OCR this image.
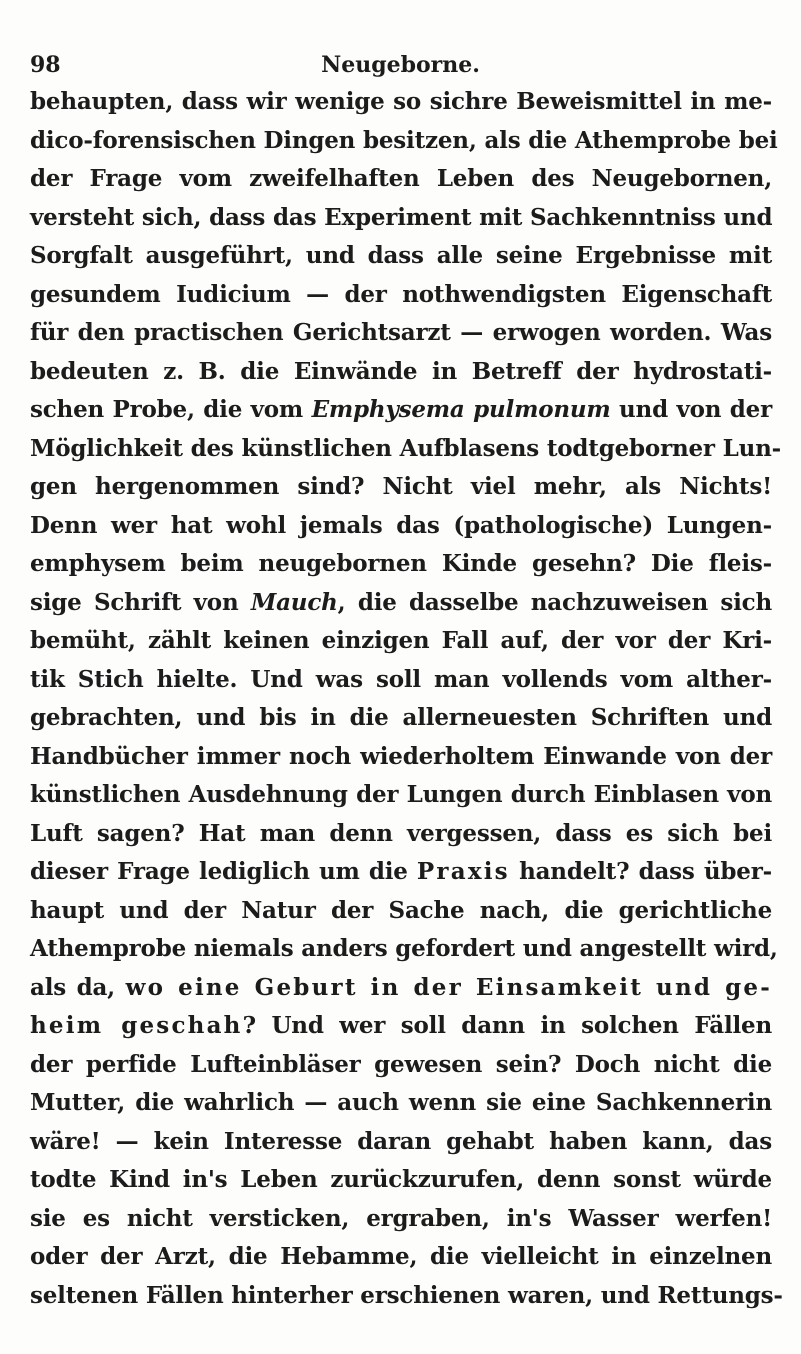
98	Neugeborne.
behaupten, dass wir wenige so sichre Beweismittel in me-
dico-forensischen Dingen besitzen, als die Athemprobe bei
der Frage vom zweifelhaften Leben des Neugebornen,
versteht sich, dass das Experiment mit Sachkenntniss und
Sorgfalt ausgeführt, und dass alle seine Ergebnisse mit
gesundem Iudicium — der nothwendigsten Eigenschaft
für den practischen Gerichtsarzt — erwogen worden. Was
bedeuten z. B. die Einwände in Betreff der hydrostati-
schen Probe, die vom Emphysema pulmonum und von der
Möglichkeit des künstlichen Aufblasens todtgeborner Lun-
gen hergenommen sind? Nicht viel mehr, als Nichts!
Denn wer hat wohl jemals das (pathologische) Lungen-
emphysem beim neugebornen Kinde gesehn? Die fleis-
sige Schrift von Mauch, die dasselbe nachzuweisen sich
bemüht, zählt keinen einzigen Fall auf, der vor der Kri-
tik Stich hielte. Und was soll man vollends vom alther-
gebrachten, und bis in die allerneuesten Schriften und
Handbücher immer noch wiederholtem Einwande von der
künstlichen Ausdehnung der Lungen durch Einblasen von
Luft sagen? Hat man denn vergessen, dass es sich bei
dieser Frage lediglich um die Praxis handelt? dass über-
haupt und der Natur der Sache nach, die gerichtliche
Athemprobe niemals anders gefordert und angestellt wird,
als da, wo eine Geburt in der Einsamkeit und ge-
heim geschah? Und wer soll dann in solchen Fällen
der perfide Lufteinbläser gewesen sein? Doch nicht die
Mutter, die wahrlich — auch wenn sie eine Sachkennerin
wäre! — kein Interesse daran gehabt haben kann, das
todte Kind in's Leben zurückzurufen, denn sonst würde
sie es nicht versticken, ergraben, in's Wasser werfen!
oder der Arzt, die Hebamme, die vielleicht in einzelnen
seltenen Fällen hinterher erschienen waren, und Rettungs-
